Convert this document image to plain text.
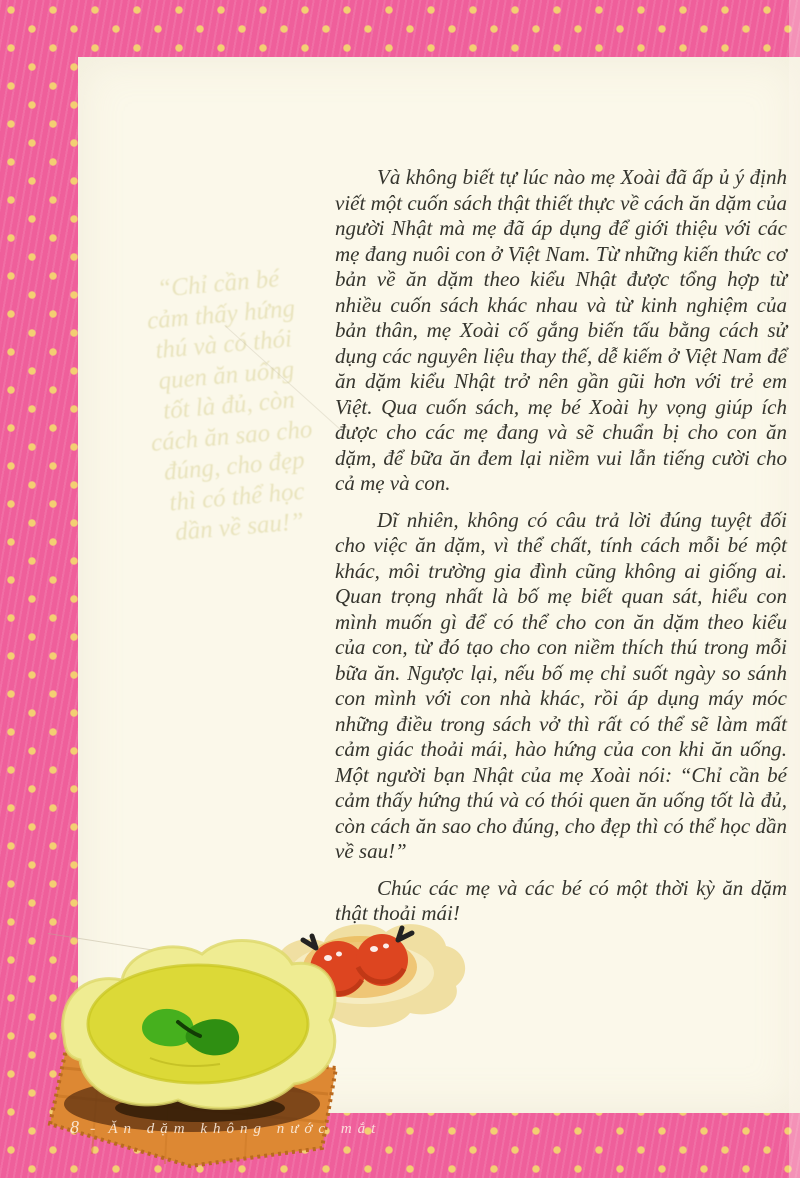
“Chỉ cần bé
cảm thấy hứng
thú và có thói
quen ăn uống
tốt là đủ, còn
cách ăn sao cho
đúng, cho đẹp
thì có thể học
dần về sau!”

Và không biết tự lúc nào mẹ Xoài đã ấp ủ ý định viết một cuốn sách thật thiết thực về cách ăn dặm của người Nhật mà mẹ đã áp dụng để giới thiệu với các mẹ đang nuôi con ở Việt Nam. Từ những kiến thức cơ bản về ăn dặm theo kiểu Nhật được tổng hợp từ nhiều cuốn sách khác nhau và từ kinh nghiệm của bản thân, mẹ Xoài cố gắng biến tấu bằng cách sử dụng các nguyên liệu thay thế, dễ kiếm ở Việt Nam để ăn dặm kiểu Nhật trở nên gần gũi hơn với trẻ em Việt. Qua cuốn sách, mẹ bé Xoài hy vọng giúp ích được cho các mẹ đang và sẽ chuẩn bị cho con ăn dặm, để bữa ăn đem lại niềm vui lẫn tiếng cười cho cả mẹ và con.

Dĩ nhiên, không có câu trả lời đúng tuyệt đối cho việc ăn dặm, vì thể chất, tính cách mỗi bé một khác, môi trường gia đình cũng không ai giống ai. Quan trọng nhất là bố mẹ biết quan sát, hiểu con mình muốn gì để có thể cho con ăn dặm theo kiểu của con, từ đó tạo cho con niềm thích thú trong mỗi bữa ăn. Ngược lại, nếu bố mẹ chỉ suốt ngày so sánh con mình với con nhà khác, rồi áp dụng máy móc những điều trong sách vở thì rất có thể sẽ làm mất cảm giác thoải mái, hào hứng của con khi ăn uống. Một người bạn Nhật của mẹ Xoài nói: “Chỉ cần bé cảm thấy hứng thú và có thói quen ăn uống tốt là đủ, còn cách ăn sao cho đúng, cho đẹp thì có thể học dần về sau!”

Chúc các mẹ và các bé có một thời kỳ ăn dặm thật thoải mái!

8 - Ăn dặm không nước mắt
